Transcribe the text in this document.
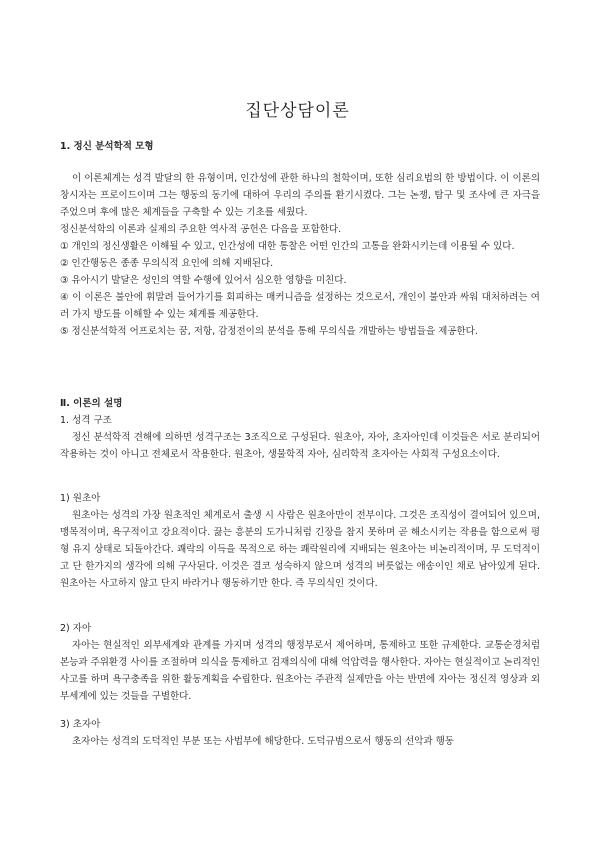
집단상담이론
1. 정신 분석학적 모형

이 이론체계는 성격 발달의 한 유형이며, 인간성에 관한 하나의 철학이며, 또한 심리요법의 한 방법이다. 이 이론의 창시자는 프로이드이며 그는 행동의 동기에 대하여 우리의 주의를 환기시켰다. 그는 논쟁, 탐구 및 조사에 큰 자극을 주었으며 후에 많은 체계들을 구축할 수 있는 기초를 세웠다.

정신분석학의 이론과 실제의 주요한 역사적 공헌은 다음을 포함한다.

① 개인의 정신생활은 이해될 수 있고, 인간성에 대한 통찰은 어떤 인간의 고통을 완화시키는데 이용될 수 있다.

② 인간행동은 종종 무의식적 요인에 의해 지배된다.

③ 유아시기 발달은 성인의 역할 수행에 있어서 심오한 영향을 미친다.

④ 이 이론은 불안에 휘말려 들어가기를 회피하는 매커니즘을 설정하는 것으로서, 개인이 불안과 싸워 대처하려는 여러 가지 방도를 이해할 수 있는 체계를 제공한다.

⑤ 정신분석학적 어프로치는 꿈, 저항, 감정전이의 분석을 통해 무의식을 개발하는 방법들을 제공한다.

Ⅱ. 이론의 설명

1. 성격 구조

정신 분석학적 견해에 의하면 성격구조는 3조직으로 구성된다. 원초아, 자아, 초자아인데 이것들은 서로 분리되어 작용하는 것이 아니고 전체로서 작용한다. 원초아, 생물학적 자아, 심리학적 초자아는 사회적 구성요소이다.

1) 원초아

원초아는 성격의 가장 원초적인 체계로서 출생 시 사람은 원초아만이 전부이다. 그것은 조직성이 결여되어 있으며, 맹목적이며, 욕구적이고 강요적이다. 끓는 흥분의 도가니처럼 긴장을 참지 못하며 곧 해소시키는 작용을 함으로써 평형 유지 상태로 되돌아간다. 쾌락의 이득을 목적으로 하는 쾌락원리에 지배되는 원초아는 비논리적이며, 무 도덕적이고 단 한가지의 생각에 의해 구사된다. 이것은 결코 성숙하지 않으며 성격의 버릇없는 애송이인 채로 남아있게 된다. 원초아는 사고하지 않고 단지 바라거나 행동하기만 한다. 즉 무의식인 것이다.

2) 자아

자아는 현실적인 외부세계와 관계를 가지며 성격의 행정부로서 제어하며, 통제하고 또한 규제한다. 교통순경처럼 본능과 주위환경 사이를 조절하며 의식을 통제하고 검재의식에 대해 억압력을 행사한다. 자아는 현실적이고 논리적인 사고를 하며 욕구충족을 위한 활동계획을 수립한다. 원초아는 주관적 실제만을 아는 반면에 자아는 정신적 영상과 외부세계에 있는 것들을 구별한다.

3) 초자아

초자아는 성격의 도덕적인 부분 또는 사법부에 해당한다. 도덕규범으로서 행동의 선악과 행동
